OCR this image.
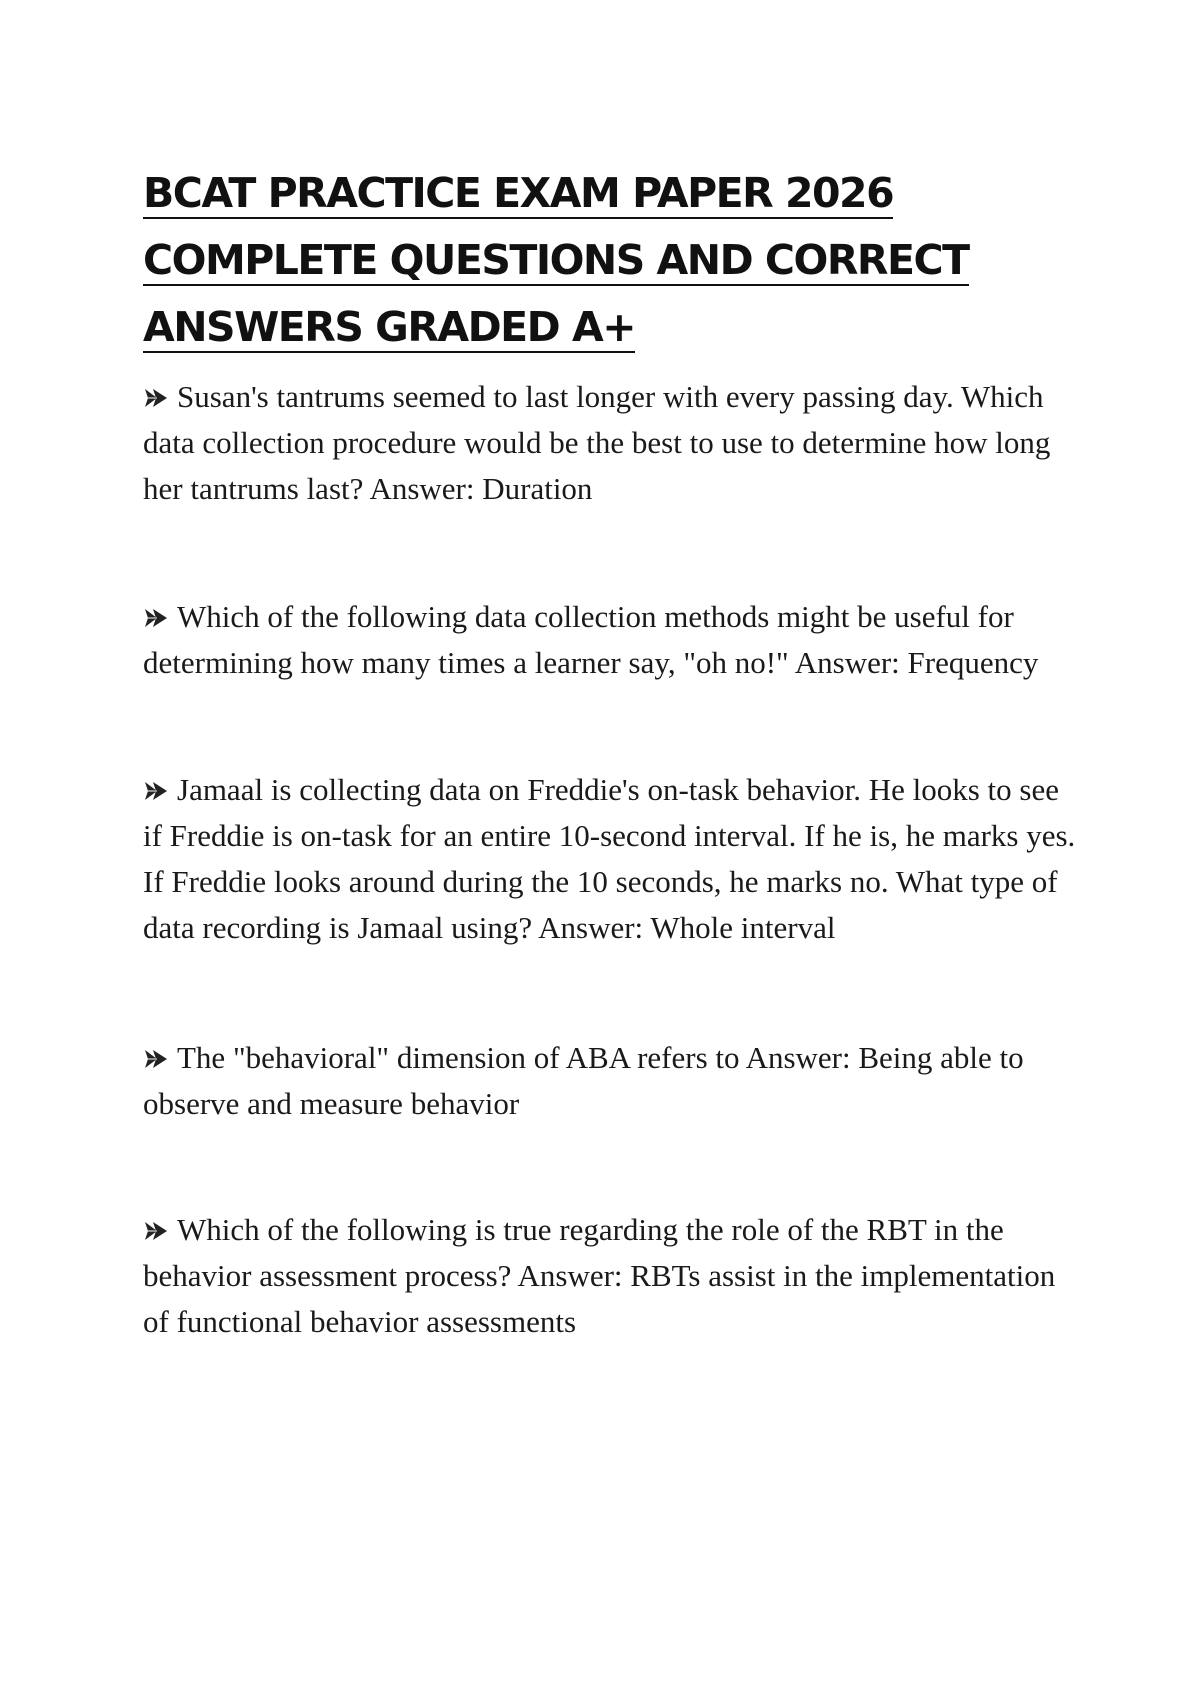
BCAT PRACTICE EXAM PAPER 2026
COMPLETE QUESTIONS AND CORRECT
ANSWERS GRADED A+

Susan's tantrums seemed to last longer with every passing day. Which data collection procedure would be the best to use to determine how long her tantrums last? Answer: Duration

Which of the following data collection methods might be useful for determining how many times a learner say, "oh no!" Answer: Frequency

Jamaal is collecting data on Freddie's on-task behavior. He looks to see if Freddie is on-task for an entire 10-second interval. If he is, he marks yes. If Freddie looks around during the 10 seconds, he marks no. What type of data recording is Jamaal using? Answer: Whole interval

The "behavioral" dimension of ABA refers to Answer: Being able to observe and measure behavior

Which of the following is true regarding the role of the RBT in the behavior assessment process? Answer: RBTs assist in the implementation of functional behavior assessments
